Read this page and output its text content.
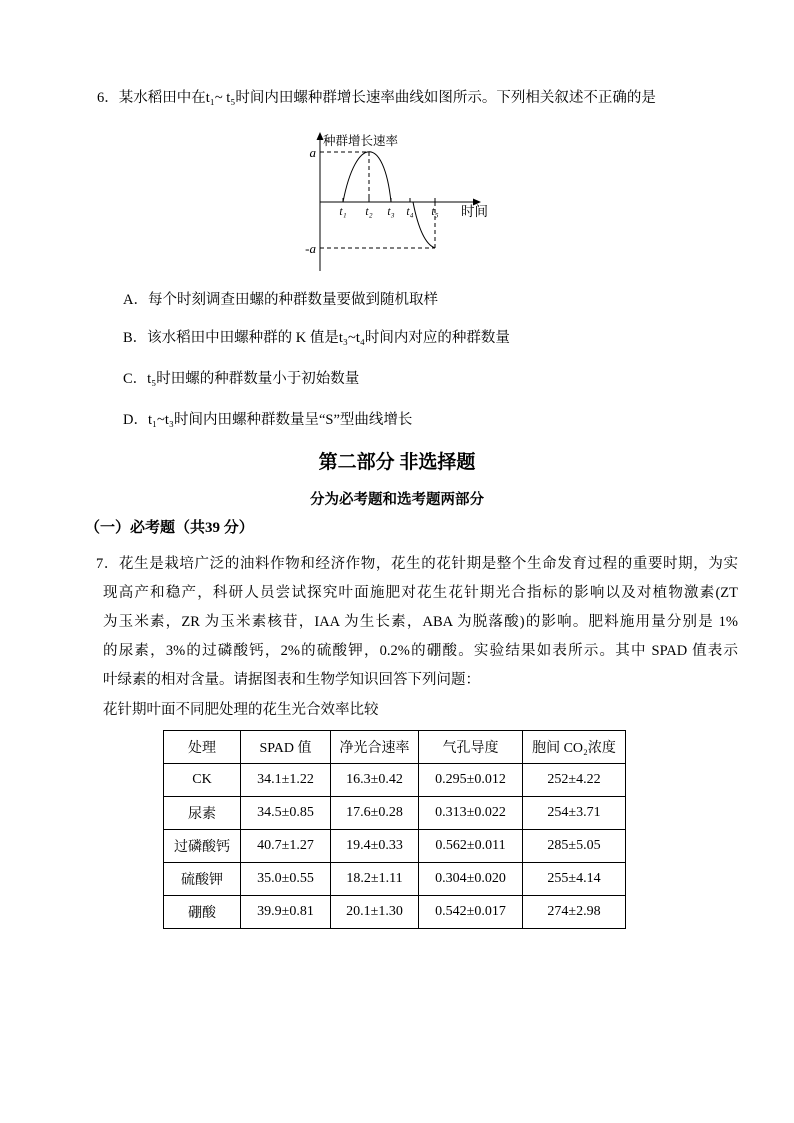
6．某水稻田中在t₁~ t₅时间内田螺种群增长速率曲线如图所示。下列相关叙述不正确的是
种群增长速率
a
-a
t₁ t₂ t₃ t₄ t₅ 时间
A．每个时刻调查田螺的种群数量要做到随机取样
B．该水稻田中田螺种群的 K 值是t₃~t₄时间内对应的种群数量
C．t₅时田螺的种群数量小于初始数量
D．t₁~t₃时间内田螺种群数量呈“S”型曲线增长
第二部分 非选择题
分为必考题和选考题两部分
（一）必考题（共39 分）
7．花生是栽培广泛的油料作物和经济作物，花生的花针期是整个生命发育过程的重要时期，为实
现高产和稳产，科研人员尝试探究叶面施肥对花生花针期光合指标的影响以及对植物激素(ZT
为玉米素，ZR 为玉米素核苷，IAA 为生长素，ABA 为脱落酸)的影响。肥料施用量分别是 1%
的尿素，3%的过磷酸钙，2%的硫酸钾，0.2%的硼酸。实验结果如表所示。其中 SPAD 值表示
叶绿素的相对含量。请据图表和生物学知识回答下列问题：
花针期叶面不同肥处理的花生光合效率比较
处理	SPAD 值	净光合速率	气孔导度	胞间 CO₂浓度
CK	34.1±1.22	16.3±0.42	0.295±0.012	252±4.22
尿素	34.5±0.85	17.6±0.28	0.313±0.022	254±3.71
过磷酸钙	40.7±1.27	19.4±0.33	0.562±0.011	285±5.05
硫酸钾	35.0±0.55	18.2±1.11	0.304±0.020	255±4.14
硼酸	39.9±0.81	20.1±1.30	0.542±0.017	274±2.98
